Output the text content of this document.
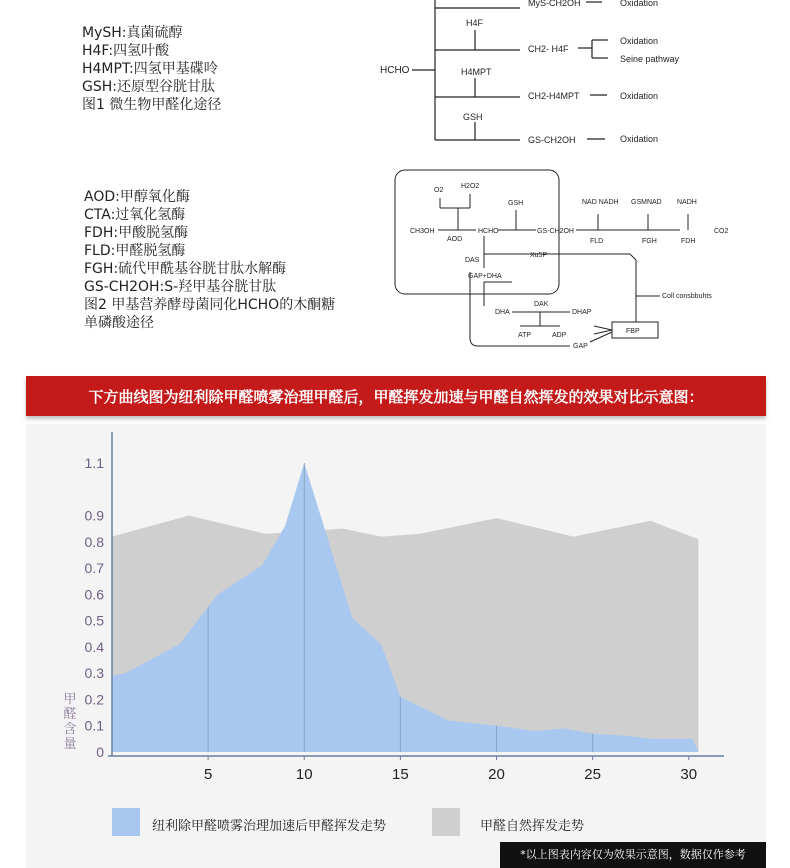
MySH:真菌硫醇
H4F:四氢叶酸
H4MPT:四氢甲基碟呤
GSH:还原型谷胱甘肽
图1 微生物甲醛化途径
AOD:甲醇氧化酶
CTA:过氧化氢酶
FDH:甲酸脱氢酶
FLD:甲醛脱氢酶
FGH:硫代甲酰基谷胱甘肽水解酶
GS-CH2OH:S-羟甲基谷胱甘肽
图2 甲基营养酵母菌同化HCHO的木酮糖
单磷酸途径
HCHO
MyS-CH2OH	Oxidation
H4F
CH2- H4F
Oxidation
Seine pathway
H4MPT
CH2-H4MPT	Oxidation
GSH
GS-CH2OH	Oxidation
O2
H2O2
CH3OH
AOD
HCHO
GSH
GS-CH2OH
NAD NADH GSMNAD NADH
FLD	FGH	FDH
CO2
DAS
Xu5P
GAP+DHA
Coll consbbuhts
DAK
DHA	DHAP
ATP	ADP
FBP
GAP
下方曲线图为纽利除甲醛喷雾治理甲醛后，甲醛挥发加速与甲醛自然挥发的效果对比示意图：
0
0.1
0.2
0.3
0.4
0.5
0.6
0.7
0.8
0.9
1.1
5	10	15	20	25	30
甲
醛
含
量
纽利除甲醛喷雾治理加速后甲醛挥发走势	甲醛自然挥发走势
*以上图表内容仅为效果示意图，数据仅作参考
